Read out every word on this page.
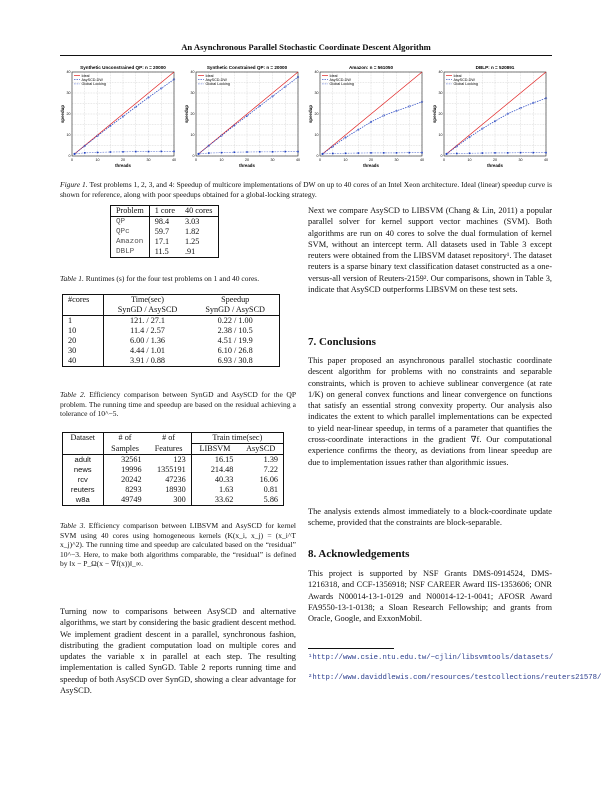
An Asynchronous Parallel Stochastic Coordinate Descent Algorithm
Synthetic Unconstrained QP: n = 20000
0
0
10
10
20
20
30
30
40
40
threads
speedup
Ideal
AsySCD-DW
Global Locking
Synthetic Constrained QP: n = 20000
0
0
10
10
20
20
30
30
40
40
threads
speedup
Ideal
AsySCD-DW
Global Locking
Amazon: n = 561050
0
0
10
10
20
20
30
30
40
40
threads
speedup
Ideal
AsySCD-DW
Global Locking
DBLP: n = 520891
0
0
10
10
20
20
30
30
40
40
threads
speedup
Ideal
AsySCD-DW
Global Locking
Figure 1. Test problems 1, 2, 3, and 4: Speedup of multicore implementations of DW on up to 40 cores of an Intel Xeon architecture. Ideal (linear) speedup curve is shown for reference, along with poor speedups obtained for a global-locking strategy.
Problem	1 core	40 cores
QP	98.4	3.03
QPc	59.7	1.82
Amazon	17.1	1.25
DBLP	11.5	.91
Table 1. Runtimes (s) for the four test problems on 1 and 40 cores.
#cores	Time(sec)	Speedup
	SynGD / AsySCD	SynGD / AsySCD
1	121. / 27.1	0.22 / 1.00
10	11.4 / 2.57	2.38 / 10.5
20	6.00 / 1.36	4.51 / 19.9
30	4.44 / 1.01	6.10 / 26.8
40	3.91 / 0.88	6.93 / 30.8
Table 2. Efficiency comparison between SynGD and AsySCD for the QP problem. The running time and speedup are based on the residual achieving a tolerance of 10^−5.
Dataset	# of	# of	Train time(sec)	
	Samples	Features	LIBSVM	AsySCD
adult	32561	123	16.15	1.39
news	19996	1355191	214.48	7.22
rcv	20242	47236	40.33	16.06
reuters	8293	18930	1.63	0.81
w8a	49749	300	33.62	5.86
Table 3. Efficiency comparison between LIBSVM and AsySCD for kernel SVM using 40 cores using homogeneous kernels (K(x_i, x_j) = (x_i^T x_j)^2). The running time and speedup are calculated based on the “residual” 10^−3. Here, to make both algorithms comparable, the “residual” is defined by ‖x − P_Ω(x − ∇f(x))‖_∞.

Turning now to comparisons between AsySCD and alternative algorithms, we start by considering the basic gradient descent method. We implement gradient descent in a parallel, synchronous fashion, distributing the gradient computation load on multiple cores and updates the variable x in parallel at each step. The resulting implementation is called SynGD. Table 2 reports running time and speedup of both AsySCD over SynGD, showing a clear advantage for AsySCD.

Next we compare AsySCD to LIBSVM (Chang & Lin, 2011) a popular parallel solver for kernel support vector machines (SVM). Both algorithms are run on 40 cores to solve the dual formulation of kernel SVM, without an intercept term. All datasets used in Table 3 except reuters were obtained from the LIBSVM dataset repository¹. The dataset reuters is a sparse binary text classification dataset constructed as a one-versus-all version of Reuters-2159². Our comparisons, shown in Table 3, indicate that AsySCD outperforms LIBSVM on these test sets.

7. Conclusions

This paper proposed an asynchronous parallel stochastic coordinate descent algorithm for problems with no constraints and separable constraints, which is proven to achieve sublinear convergence (at rate 1/K) on general convex functions and linear convergence on functions that satisfy an essential strong convexity property. Our analysis also indicates the extent to which parallel implementations can be expected to yield near-linear speedup, in terms of a parameter that quantifies the cross-coordinate interactions in the gradient ∇f. Our computational experience confirms the theory, as deviations from linear speedup are due to implementation issues rather than algorithmic issues.

The analysis extends almost immediately to a block-coordinate update scheme, provided that the constraints are block-separable.

8. Acknowledgements

This project is supported by NSF Grants DMS-0914524, DMS-1216318, and CCF-1356918; NSF CAREER Award IIS-1353606; ONR Awards N00014-13-1-0129 and N00014-12-1-0041; AFOSR Award FA9550-13-1-0138; a Sloan Research Fellowship; and grants from Oracle, Google, and ExxonMobil.

¹http://www.csie.ntu.edu.tw/~cjlin/libsvmtools/datasets/
²http://www.daviddlewis.com/resources/testcollections/reuters21578/
